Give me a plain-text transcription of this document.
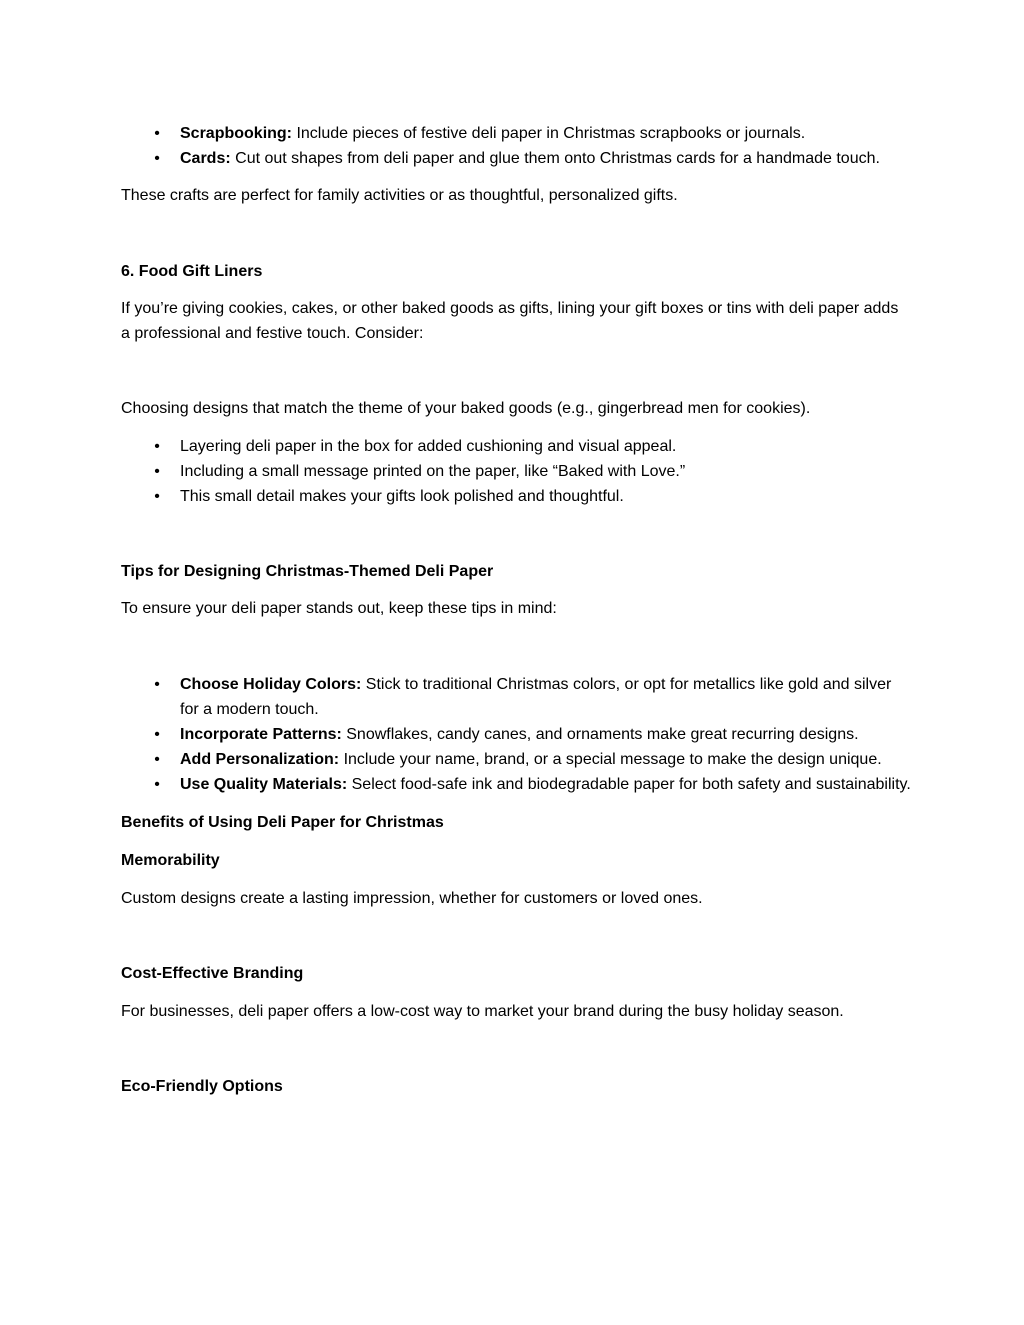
• Scrapbooking: Include pieces of festive deli paper in Christmas scrapbooks or journals.
• Cards: Cut out shapes from deli paper and glue them onto Christmas cards for a handmade touch.

These crafts are perfect for family activities or as thoughtful, personalized gifts.

6. Food Gift Liners

If you’re giving cookies, cakes, or other baked goods as gifts, lining your gift boxes or tins with deli paper adds a professional and festive touch. Consider:

Choosing designs that match the theme of your baked goods (e.g., gingerbread men for cookies).

• Layering deli paper in the box for added cushioning and visual appeal.
• Including a small message printed on the paper, like “Baked with Love.”
• This small detail makes your gifts look polished and thoughtful.

Tips for Designing Christmas-Themed Deli Paper

To ensure your deli paper stands out, keep these tips in mind:

• Choose Holiday Colors: Stick to traditional Christmas colors, or opt for metallics like gold and silver for a modern touch.
• Incorporate Patterns: Snowflakes, candy canes, and ornaments make great recurring designs.
• Add Personalization: Include your name, brand, or a special message to make the design unique.
• Use Quality Materials: Select food-safe ink and biodegradable paper for both safety and sustainability.

Benefits of Using Deli Paper for Christmas

Memorability

Custom designs create a lasting impression, whether for customers or loved ones.

Cost-Effective Branding

For businesses, deli paper offers a low-cost way to market your brand during the busy holiday season.

Eco-Friendly Options
